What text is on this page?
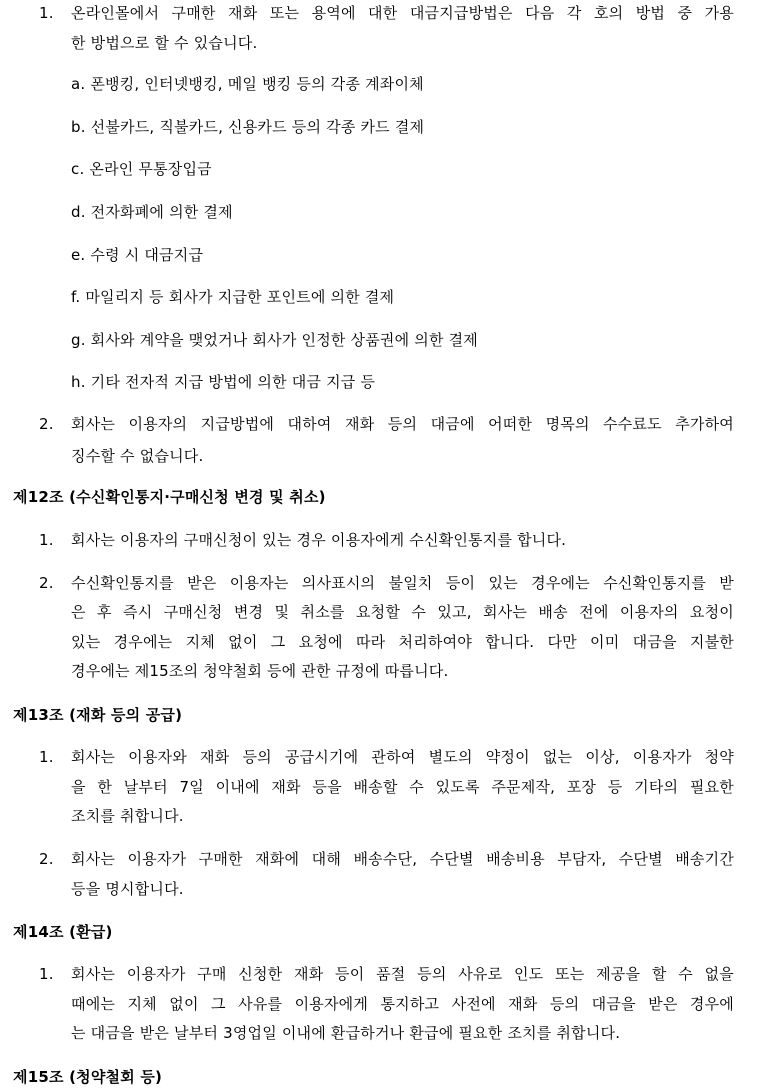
1.	온라인몰에서 구매한 재화 또는 용역에 대한 대금지급방법은 다음 각 호의 방법 중 가용
한 방법으로 할 수 있습니다.
a. 폰뱅킹, 인터넷뱅킹, 메일 뱅킹 등의 각종 계좌이체
b. 선불카드, 직불카드, 신용카드 등의 각종 카드 결제
c. 온라인 무통장입금
d. 전자화폐에 의한 결제
e. 수령 시 대금지급
f. 마일리지 등 회사가 지급한 포인트에 의한 결제
g. 회사와 계약을 맺었거나 회사가 인정한 상품권에 의한 결제
h. 기타 전자적 지급 방법에 의한 대금 지급 등
2.	회사는 이용자의 지급방법에 대하여 재화 등의 대금에 어떠한 명목의 수수료도 추가하여
징수할 수 없습니다.
제12조 (수신확인통지·구매신청 변경 및 취소)
1.	회사는 이용자의 구매신청이 있는 경우 이용자에게 수신확인통지를 합니다.
2.	수신확인통지를 받은 이용자는 의사표시의 불일치 등이 있는 경우에는 수신확인통지를 받
은 후 즉시 구매신청 변경 및 취소를 요청할 수 있고, 회사는 배송 전에 이용자의 요청이
있는 경우에는 지체 없이 그 요청에 따라 처리하여야 합니다. 다만 이미 대금을 지불한
경우에는 제15조의 청약철회 등에 관한 규정에 따릅니다.
제13조 (재화 등의 공급)
1.	회사는 이용자와 재화 등의 공급시기에 관하여 별도의 약정이 없는 이상, 이용자가 청약
을 한 날부터 7일 이내에 재화 등을 배송할 수 있도록 주문제작, 포장 등 기타의 필요한
조치를 취합니다.
2.	회사는 이용자가 구매한 재화에 대해 배송수단, 수단별 배송비용 부담자, 수단별 배송기간
등을 명시합니다.
제14조 (환급)
1.	회사는 이용자가 구매 신청한 재화 등이 품절 등의 사유로 인도 또는 제공을 할 수 없을
때에는 지체 없이 그 사유를 이용자에게 통지하고 사전에 재화 등의 대금을 받은 경우에
는 대금을 받은 날부터 3영업일 이내에 환급하거나 환급에 필요한 조치를 취합니다.
제15조 (청약철회 등)
